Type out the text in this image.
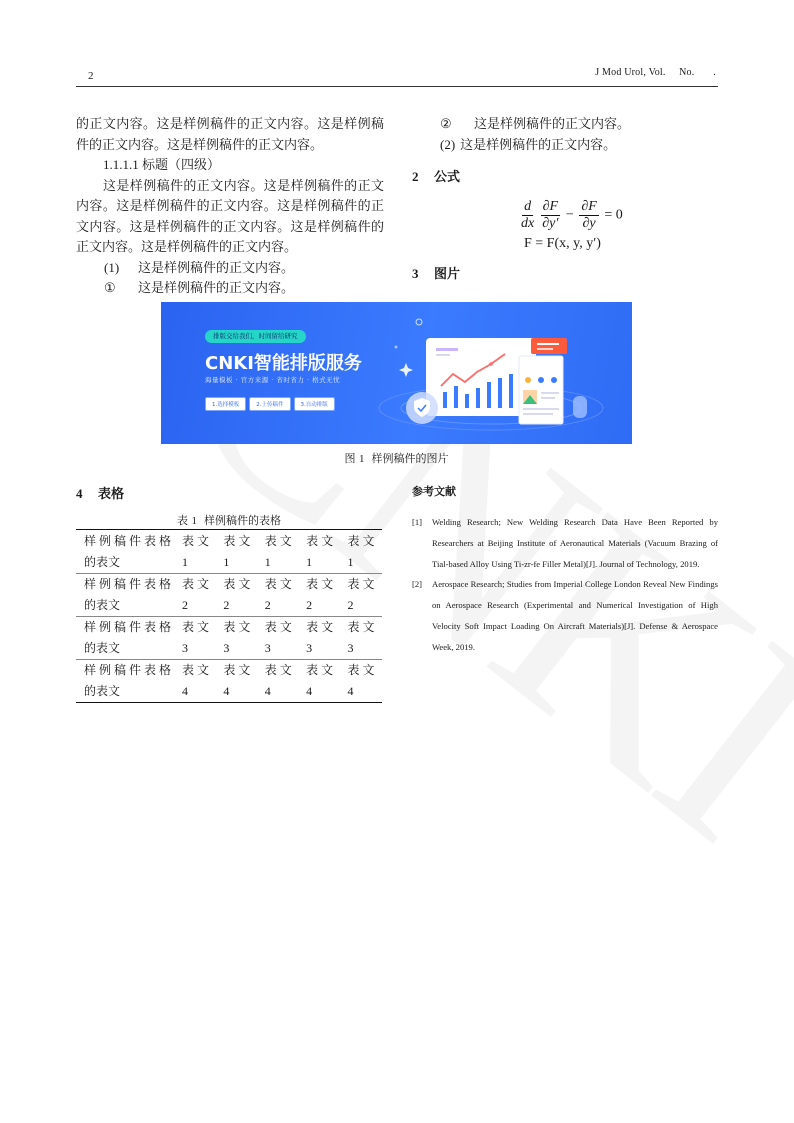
2	J Mod Urol, Vol.     No.       .

的正文内容。这是样例稿件的正文内容。这是样例稿件的正文内容。这是样例稿件的正文内容。

1.1.1.1 标题（四级）

这是样例稿件的正文内容。这是样例稿件的正文内容。这是样例稿件的正文内容。这是样例稿件的正文内容。这是样例稿件的正文内容。这是样例稿件的正文内容。这是样例稿件的正文内容。

(1) 这是样例稿件的正文内容。

① 这是样例稿件的正文内容。

② 这是样例稿件的正文内容。

(2) 这是样例稿件的正文内容。

2 公式

$\frac{d}{dx} \frac{\partial F}{\partial y'} - \frac{\partial F}{\partial y} = 0$
F = F(x, y, y′)

3 图片

排版交给我们，时间留给研究
CNKI智能排版服务
海量模板 · 官方来源 · 省时省力 · 格式无忧
1.选择模板	2.上传稿件	3.自动排版
图 1 样例稿件的图片
4 表格
表 1 样例稿件的表格
样例稿件表格	表文	表文	表文	表文	表文
的表文	1	1	1	1	1
样例稿件表格	表文	表文	表文	表文	表文
的表文	2	2	2	2	2
样例稿件表格	表文	表文	表文	表文	表文
的表文	3	3	3	3	3
样例稿件表格	表文	表文	表文	表文	表文
的表文	4	4	4	4	4
参考文献
[1]	Welding Research; New Welding Research Data Have Been Reported by Researchers at Beijing Institute of Aeronautical Materials (Vacuum Brazing of Tial-based Alloy Using Ti-zr-fe Filler Metal)[J]. Journal of Technology, 2019.
[2]	Aerospace Research; Studies from Imperial College London Reveal New Findings on Aerospace Research (Experimental and Numerical Investigation of High Velocity Soft Impact Loading On Aircraft Materials)[J]. Defense & Aerospace Week, 2019.
